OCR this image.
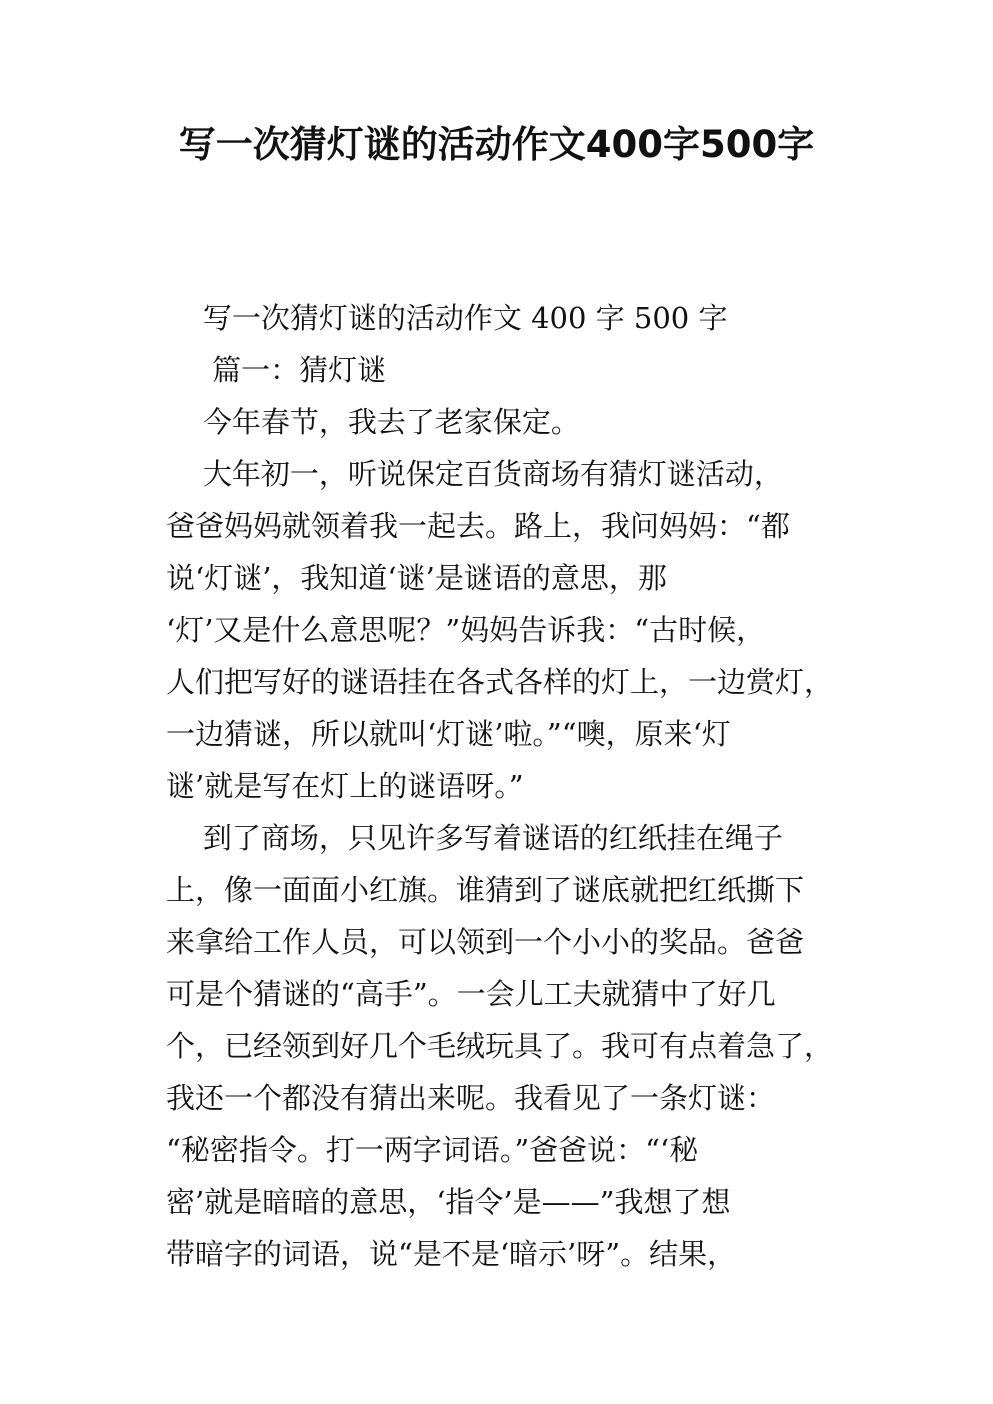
写一次猜灯谜的活动作文400字500字
写一次猜灯谜的活动作文 400 字 500 字
篇一：猜灯谜
今年春节，我去了老家保定。
大年初一，听说保定百货商场有猜灯谜活动，
爸爸妈妈就领着我一起去。路上，我问妈妈：“都
说‘灯谜’，我知道‘谜’是谜语的意思，那
‘灯’又是什么意思呢？”妈妈告诉我：“古时候，
人们把写好的谜语挂在各式各样的灯上，一边赏灯，
一边猜谜，所以就叫‘灯谜’啦。”“噢，原来‘灯
谜’就是写在灯上的谜语呀。”
到了商场，只见许多写着谜语的红纸挂在绳子
上，像一面面小红旗。谁猜到了谜底就把红纸撕下
来拿给工作人员，可以领到一个小小的奖品。爸爸
可是个猜谜的“高手”。一会儿工夫就猜中了好几
个，已经领到好几个毛绒玩具了。我可有点着急了，
我还一个都没有猜出来呢。我看见了一条灯谜：
“秘密指令。打一两字词语。”爸爸说：“‘秘
密’就是暗暗的意思，‘指令’是——”我想了想
带暗字的词语，说“是不是‘暗示’呀”。结果，
